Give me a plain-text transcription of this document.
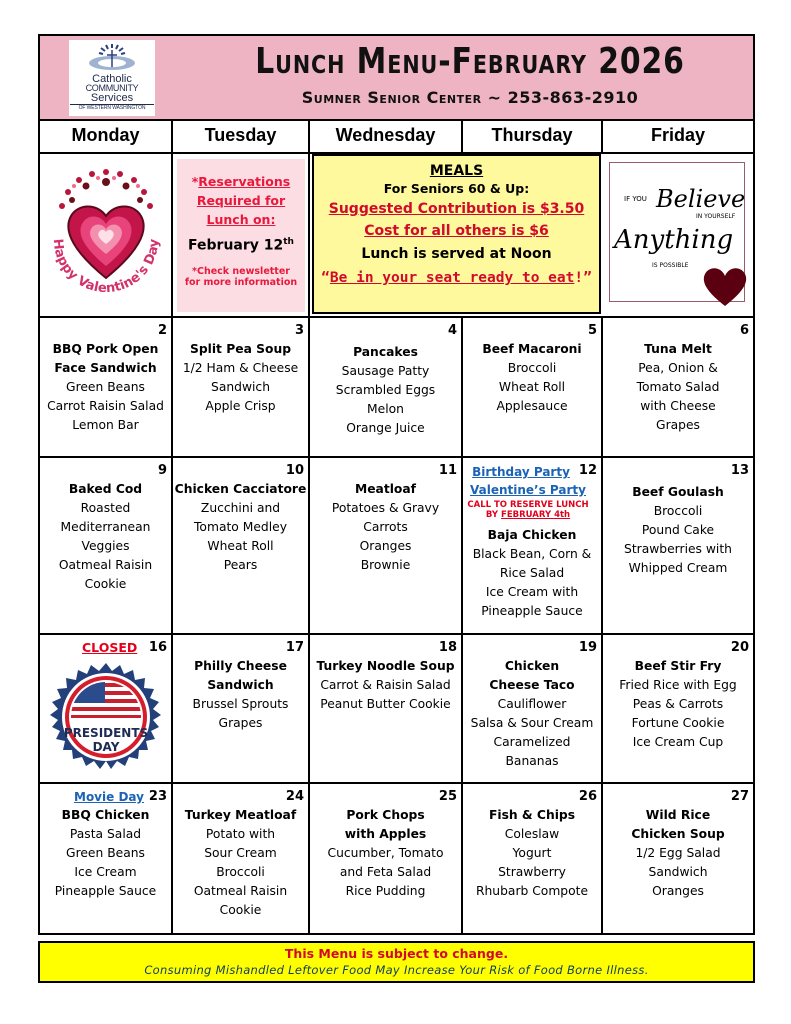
Catholic
COMMUNITY
Services
OF WESTERN WASHINGTON
Lunch Menu-February 2026
Sumner Senior Center ~ 253-863-2910
Monday	Tuesday	Wednesday	Thursday	Friday
Happy Valentine's Day
*Reservations
Required for
Lunch on:
February 12th
*Check newsletter
for more information
MEALS
For Seniors 60 & Up:
Suggested Contribution is $3.50
Cost for all others is $6
Lunch is served at Noon
“Be in your seat ready to eat!”
IF YOU Believe
IN YOURSELF
Anything
IS POSSIBLE
2
BBQ Pork Open
Face Sandwich
Green Beans
Carrot Raisin Salad
Lemon Bar
3
Split Pea Soup
1/2 Ham & Cheese
Sandwich
Apple Crisp
4
Pancakes
Sausage Patty
Scrambled Eggs
Melon
Orange Juice
5
Beef Macaroni
Broccoli
Wheat Roll
Applesauce
6
Tuna Melt
Pea, Onion &
Tomato Salad
with Cheese
Grapes
9
Baked Cod
Roasted
Mediterranean
Veggies
Oatmeal Raisin
Cookie
10
Chicken Cacciatore
Zucchini and
Tomato Medley
Wheat Roll
Pears
11
Meatloaf
Potatoes & Gravy
Carrots
Oranges
Brownie
12
Birthday Party
Valentine’s Party
CALL TO RESERVE LUNCH
BY FEBRUARY 4th
Baja Chicken
Black Bean, Corn &
Rice Salad
Ice Cream with
Pineapple Sauce
13
Beef Goulash
Broccoli
Pound Cake
Strawberries with
Whipped Cream
16
CLOSED
PRESIDENTS
DAY
17
Philly Cheese
Sandwich
Brussel Sprouts
Grapes
18
Turkey Noodle Soup
Carrot & Raisin Salad
Peanut Butter Cookie
19
Chicken
Cheese Taco
Cauliflower
Salsa & Sour Cream
Caramelized
Bananas
20
Beef Stir Fry
Fried Rice with Egg
Peas & Carrots
Fortune Cookie
Ice Cream Cup
23
Movie Day
BBQ Chicken
Pasta Salad
Green Beans
Ice Cream
Pineapple Sauce
24
Turkey Meatloaf
Potato with
Sour Cream
Broccoli
Oatmeal Raisin
Cookie
25
Pork Chops
with Apples
Cucumber, Tomato
and Feta Salad
Rice Pudding
26
Fish & Chips
Coleslaw
Yogurt
Strawberry
Rhubarb Compote
27
Wild Rice
Chicken Soup
1/2 Egg Salad
Sandwich
Oranges
This Menu is subject to change.
Consuming Mishandled Leftover Food May Increase Your Risk of Food Borne Illness.
